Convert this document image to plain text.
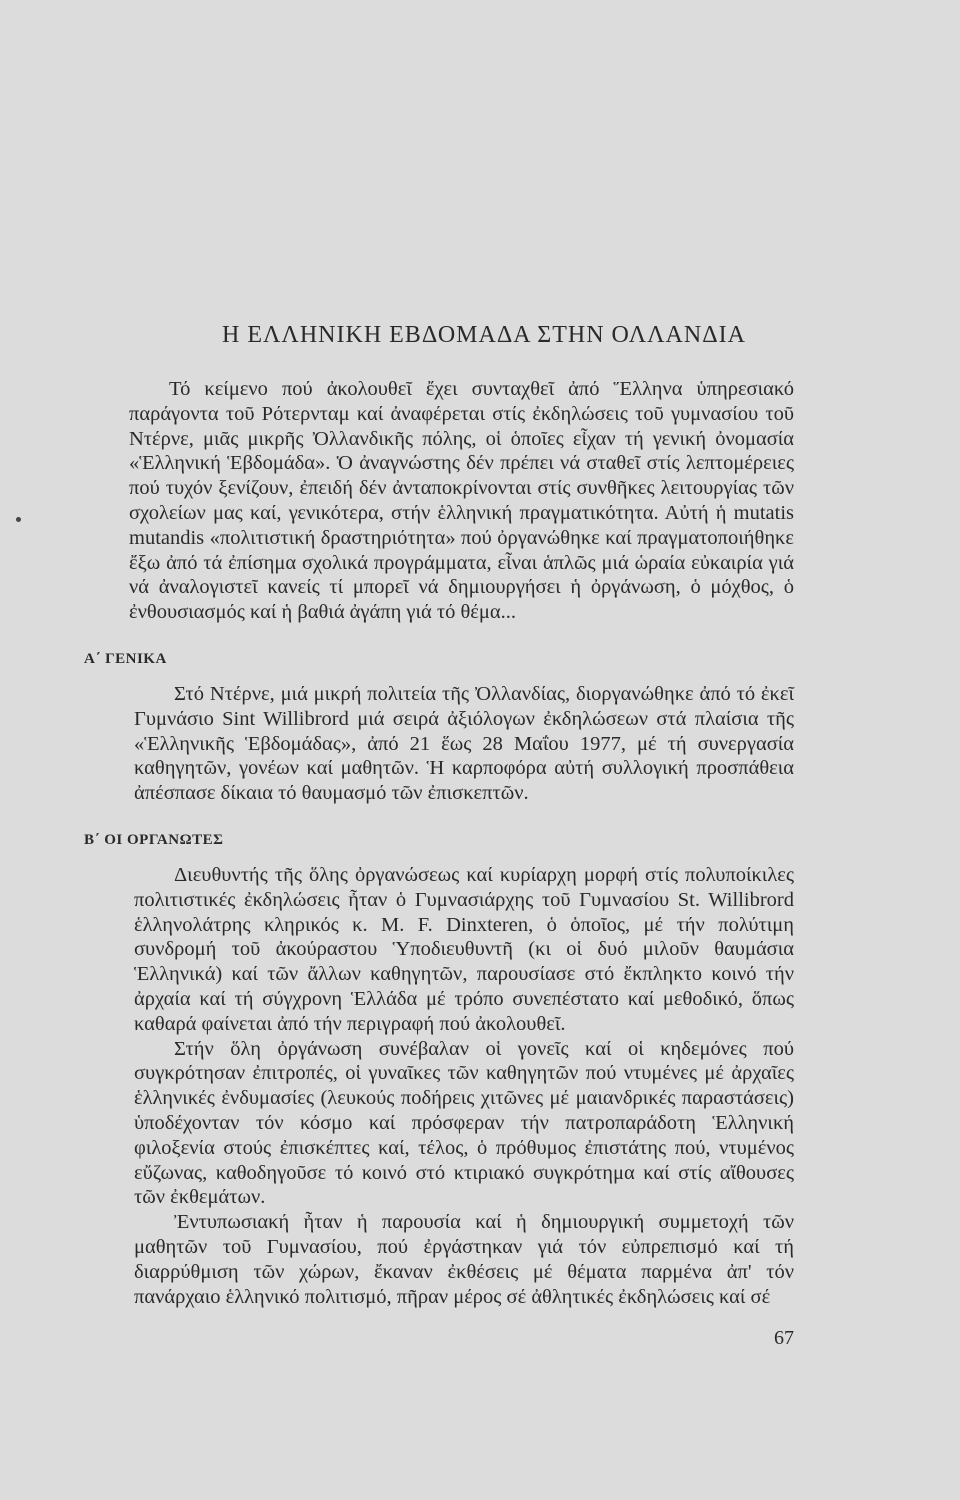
Η ΕΛΛΗΝΙΚΗ ΕΒΔΟΜΑΔΑ ΣΤΗΝ ΟΛΛΑΝΔΙΑ

Τό κείμενο πού ἀκολουθεῖ ἔχει συνταχθεῖ ἀπό Ἕλληνα ὑπηρεσιακό παράγοντα τοῦ Ρότερνταμ καί ἀναφέρεται στίς ἐκδηλώσεις τοῦ γυμνασίου τοῦ Ντέρνε, μιᾶς μικρῆς Ὀλλανδικῆς πόλης, οἱ ὁποῖες εἶχαν τή γενική ὀνομασία «Ἑλληνική Ἑβδομάδα». Ὁ ἀναγνώστης δέν πρέπει νά σταθεῖ στίς λεπτομέρειες πού τυχόν ξενίζουν, ἐπειδή δέν ἀνταποκρίνονται στίς συνθῆκες λειτουργίας τῶν σχολείων μας καί, γενικότερα, στήν ἑλληνική πραγματικότητα. Αὐτή ἡ mutatis mutandis «πολιτιστική δραστηριότητα» πού ὀργανώθηκε καί πραγματοποιήθηκε ἔξω ἀπό τά ἐπίσημα σχολικά προγράμματα, εἶναι ἁπλῶς μιά ὡραία εὐκαιρία γιά νά ἀναλογιστεῖ κανείς τί μπορεῖ νά δημιουργήσει ἡ ὀργάνωση, ὁ μόχθος, ὁ ἐνθουσιασμός καί ἡ βαθιά ἀγάπη γιά τό θέμα...

Α΄ ΓΕΝΙΚΑ

Στό Ντέρνε, μιά μικρή πολιτεία τῆς Ὀλλανδίας, διοργανώθηκε ἀπό τό ἐκεῖ Γυμνάσιο Sint Willibrord μιά σειρά ἀξιόλογων ἐκδηλώσεων στά πλαίσια τῆς «Ἑλληνικῆς Ἑβδομάδας», ἀπό 21 ἕως 28 Μαΐου 1977, μέ τή συνεργασία καθηγητῶν, γονέων καί μαθητῶν. Ἡ καρποφόρα αὐτή συλλογική προσπάθεια ἀπέσπασε δίκαια τό θαυμασμό τῶν ἐπισκεπτῶν.

Β΄ ΟΙ ΟΡΓΑΝΩΤΕΣ

Διευθυντής τῆς ὅλης ὀργανώσεως καί κυρίαρχη μορφή στίς πολυποίκιλες πολιτιστικές ἐκδηλώσεις ἦταν ὁ Γυμνασιάρχης τοῦ Γυμνασίου St. Willibrord ἑλληνολάτρης κληρικός κ. M. F. Dinxteren, ὁ ὁποῖος, μέ τήν πολύτιμη συνδρομή τοῦ ἀκούραστου Ὑποδιευθυντῆ (κι οἱ δυό μιλοῦν θαυμάσια Ἑλληνικά) καί τῶν ἄλλων καθηγητῶν, παρουσίασε στό ἔκπληκτο κοινό τήν ἀρχαία καί τή σύγχρονη Ἑλλάδα μέ τρόπο συνεπέστατο καί μεθοδικό, ὅπως καθαρά φαίνεται ἀπό τήν περιγραφή πού ἀκολουθεῖ.

Στήν ὅλη ὀργάνωση συνέβαλαν οἱ γονεῖς καί οἱ κηδεμόνες πού συγκρότησαν ἐπιτροπές, οἱ γυναῖκες τῶν καθηγητῶν πού ντυμένες μέ ἀρχαῖες ἑλληνικές ἐνδυμασίες (λευκούς ποδήρεις χιτῶνες μέ μαιανδρικές παραστάσεις) ὑποδέχονταν τόν κόσμο καί πρόσφεραν τήν πατροπαράδοτη Ἑλληνική φιλοξενία στούς ἐπισκέπτες καί, τέλος, ὁ πρόθυμος ἐπιστάτης πού, ντυμένος εὔζωνας, καθοδηγοῦσε τό κοινό στό κτιριακό συγκρότημα καί στίς αἴθουσες τῶν ἐκθεμάτων.

Ἐντυπωσιακή ἦταν ἡ παρουσία καί ἡ δημιουργική συμμετοχή τῶν μαθητῶν τοῦ Γυμνασίου, πού ἐργάστηκαν γιά τόν εὐπρεπισμό καί τή διαρρύθμιση τῶν χώρων, ἔκαναν ἐκθέσεις μέ θέματα παρμένα ἀπ' τόν πανάρχαιο ἑλληνικό πολιτισμό, πῆραν μέρος σέ ἀθλητικές ἐκδηλώσεις καί σέ

67
